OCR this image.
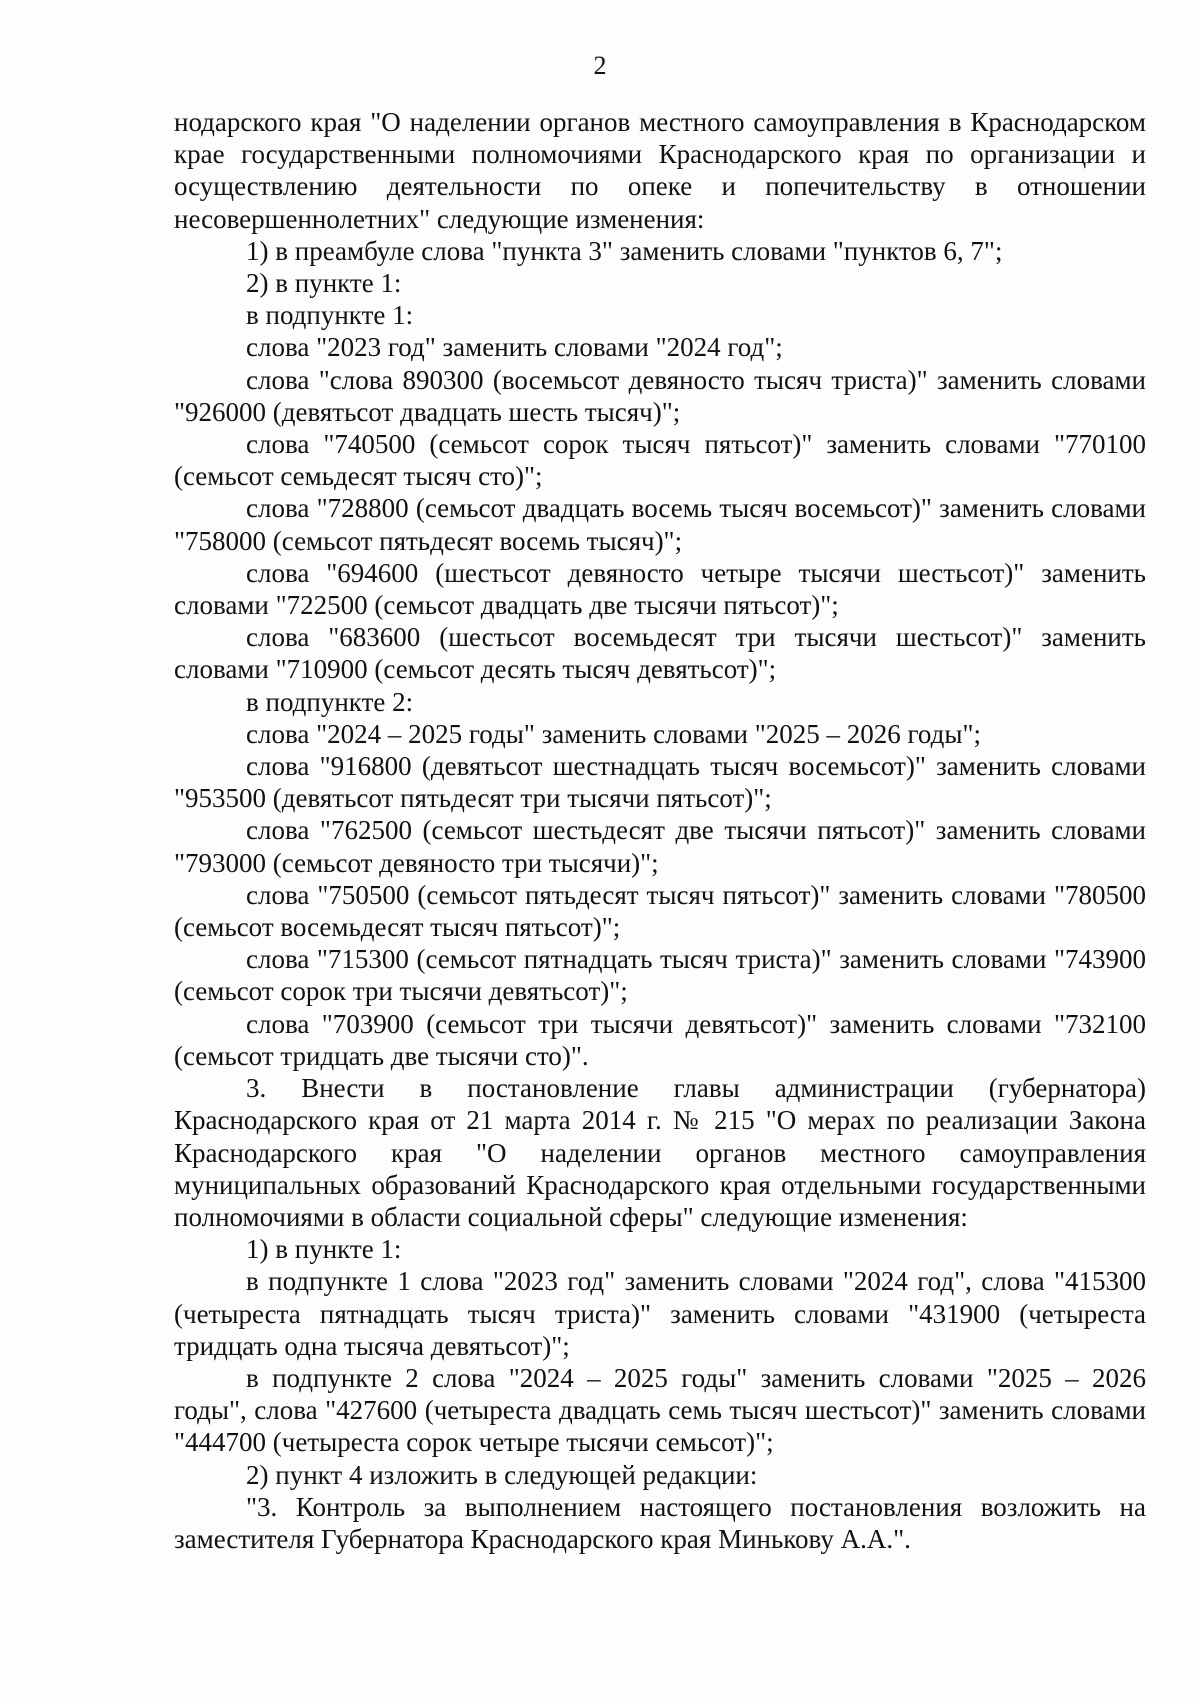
2

нодарского края "О наделении органов местного самоуправления в Краснодарском крае государственными полномочиями Краснодарского края по организации и осуществлению деятельности по опеке и попечительству в отношении несовершеннолетних" следующие изменения:

1) в преамбуле слова "пункта 3" заменить словами "пунктов 6, 7";

2) в пункте 1:

в подпункте 1:

слова "2023 год" заменить словами "2024 год";

слова "слова 890300 (восемьсот девяносто тысяч триста)" заменить словами "926000 (девятьсот двадцать шесть тысяч)";

слова "740500 (семьсот сорок тысяч пятьсот)" заменить словами "770100 (семьсот семьдесят тысяч сто)";

слова "728800 (семьсот двадцать восемь тысяч восемьсот)" заменить словами "758000 (семьсот пятьдесят восемь тысяч)";

слова "694600 (шестьсот девяносто четыре тысячи шестьсот)" заменить словами "722500 (семьсот двадцать две тысячи пятьсот)";

слова "683600 (шестьсот восемьдесят три тысячи шестьсот)" заменить словами "710900 (семьсот десять тысяч девятьсот)";

в подпункте 2:

слова "2024 – 2025 годы" заменить словами "2025 – 2026 годы";

слова "916800 (девятьсот шестнадцать тысяч восемьсот)" заменить словами "953500 (девятьсот пятьдесят три тысячи пятьсот)";

слова "762500 (семьсот шестьдесят две тысячи пятьсот)" заменить словами "793000 (семьсот девяносто три тысячи)";

слова "750500 (семьсот пятьдесят тысяч пятьсот)" заменить словами "780500 (семьсот восемьдесят тысяч пятьсот)";

слова "715300 (семьсот пятнадцать тысяч триста)" заменить словами "743900 (семьсот сорок три тысячи девятьсот)";

слова "703900 (семьсот три тысячи девятьсот)" заменить словами "732100 (семьсот тридцать две тысячи сто)".

3. Внести в постановление главы администрации (губернатора) Краснодарского края от 21 марта 2014 г. № 215 "О мерах по реализации Закона Краснодарского края "О наделении органов местного самоуправления муниципальных образований Краснодарского края отдельными государственными полномочиями в области социальной сферы" следующие изменения:

1) в пункте 1:

в подпункте 1 слова "2023 год" заменить словами "2024 год", слова "415300 (четыреста пятнадцать тысяч триста)" заменить словами "431900 (четыреста тридцать одна тысяча девятьсот)";

в подпункте 2 слова "2024 – 2025 годы" заменить словами "2025 – 2026 годы", слова "427600 (четыреста двадцать семь тысяч шестьсот)" заменить словами "444700 (четыреста сорок четыре тысячи семьсот)";

2) пункт 4 изложить в следующей редакции:

"3. Контроль за выполнением настоящего постановления возложить на заместителя Губернатора Краснодарского края Минькову А.А.".
